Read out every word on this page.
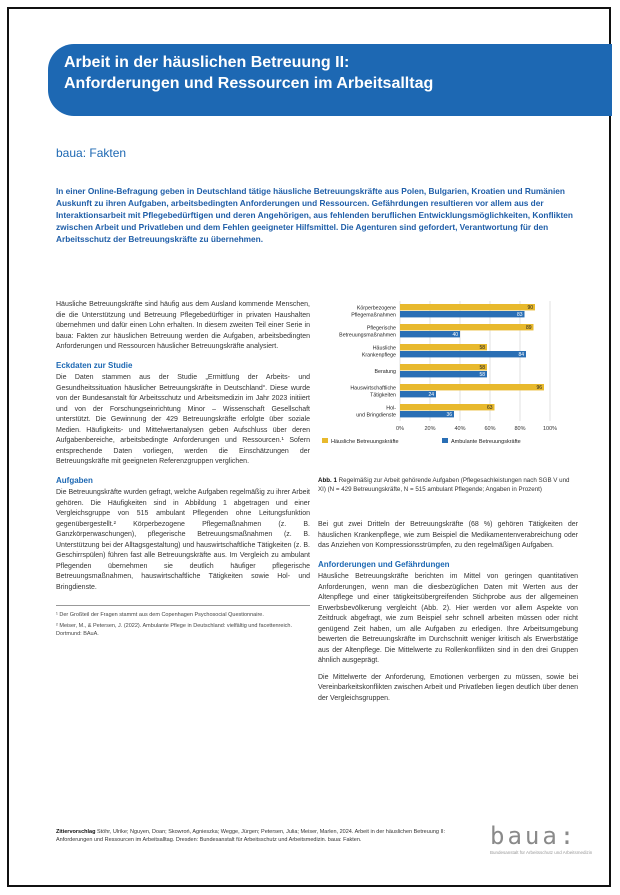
Arbeit in der häuslichen Betreuung II:
Anforderungen und Ressourcen im Arbeitsalltag
baua: Fakten
In einer Online-Befragung geben in Deutschland tätige häusliche Betreuungskräfte aus Polen, Bulgarien, Kroatien und Rumänien Auskunft zu ihren Aufgaben, arbeitsbedingten Anforderungen und Ressourcen. Gefährdungen resultieren vor allem aus der Interaktionsarbeit mit Pflegebedürftigen und deren Angehörigen, aus fehlenden beruflichen Entwicklungsmöglichkeiten, Konflikten zwischen Arbeit und Privatleben und dem Fehlen geeigneter Hilfsmittel. Die Agenturen sind gefordert, Verantwortung für den Arbeitsschutz der Betreuungskräfte zu übernehmen.

Häusliche Betreuungskräfte sind häufig aus dem Ausland kommende Menschen, die die Unterstützung und Betreuung Pflegebedürftiger in privaten Haushalten übernehmen und dafür einen Lohn erhalten. In diesem zweiten Teil einer Serie in baua: Fakten zur häuslichen Betreuung werden die Aufgaben, arbeitsbedingten Anforderungen und Ressourcen häuslicher Betreuungskräfte analysiert.

Eckdaten zur Studie

Die Daten stammen aus der Studie „Ermittlung der Arbeits- und Gesundheitssituation häuslicher Betreuungskräfte in Deutschland“. Diese wurde von der Bundesanstalt für Arbeitsschutz und Arbeitsmedizin im Jahr 2023 initiiert und von der Forschungseinrichtung Minor – Wissenschaft Gesellschaft unterstützt. Die Gewinnung der 429 Betreuungskräfte erfolgte über soziale Medien. Häufigkeits- und Mittelwertanalysen geben Aufschluss über deren Aufgabenbereiche, arbeitsbedingte Anforderungen und Ressourcen.¹ Sofern entsprechende Daten vorliegen, werden die Einschätzungen der Betreuungskräfte mit geeigneten Referenzgruppen verglichen.

Aufgaben

Die Betreuungskräfte wurden gefragt, welche Aufgaben regelmäßig zu ihrer Arbeit gehören. Die Häufigkeiten sind in Abbildung 1 abgetragen und einer Vergleichsgruppe von 515 ambulant Pflegenden ohne Leitungsfunktion gegenübergestellt.² Körperbezogene Pflegemaßnahmen (z. B. Ganzkörperwaschungen), pflegerische Betreuungsmaßnahmen (z. B. Unterstützung bei der Alltagsgestaltung) und hauswirtschaftliche Tätigkeiten (z. B. Geschirrspülen) führen fast alle Betreuungskräfte aus. Im Vergleich zu ambulant Pflegenden übernehmen sie deutlich häufiger pflegerische Betreuungsmaßnahmen, hauswirtschaftliche Tätigkeiten sowie Hol- und Bringdienste.

¹ Der Großteil der Fragen stammt aus dem Copenhagen Psychosocial Questionnaire.
² Meiser, M., & Petersen, J. (2022). Ambulante Pflege in Deutschland: vielfältig und facettenreich. Dortmund: BAuA.
0%	20%	40%	60%	80%	100%
Körperbezogene
Pflegemaßnahmen
90
83
Pflegerische
Betreuungsmaßnahmen
89
40
Häusliche
Krankenpflege
58
84
Beratung
58
58
Hauswirtschaftliche
Tätigkeiten
96
24
Hol-
und Bringdienste
63
36
Häusliche Betreuungskräfte	Ambulante Betreuungskräfte
Abb. 1 Regelmäßig zur Arbeit gehörende Aufgaben (Pflegesachleistungen nach SGB V und XI) (N = 429 Betreuungskräfte, N = 515 ambulant Pflegende; Angaben in Prozent)

Bei gut zwei Dritteln der Betreuungskräfte (68 %) gehören Tätigkeiten der häuslichen Krankenpflege, wie zum Beispiel die Medikamentenverabreichung oder das Anziehen von Kompressionsstrümpfen, zu den regelmäßigen Aufgaben.

Anforderungen und Gefährdungen

Häusliche Betreuungskräfte berichten im Mittel von geringen quantitativen Anforderungen, wenn man die diesbezüglichen Daten mit Werten aus der Altenpflege und einer tätigkeitsübergreifenden Stichprobe aus der allgemeinen Erwerbsbevölkerung vergleicht (Abb. 2). Hier werden vor allem Aspekte von Zeitdruck abgefragt, wie zum Beispiel sehr schnell arbeiten müssen oder nicht genügend Zeit haben, um alle Aufgaben zu erledigen. Ihre Arbeitsumgebung bewerten die Betreuungskräfte im Durchschnitt weniger kritisch als Erwerbstätige aus der Altenpflege. Die Mittelwerte zu Rollenkonflikten sind in den drei Gruppen ähnlich ausgeprägt.

Die Mittelwerte der Anforderung, Emotionen verbergen zu müssen, sowie bei Vereinbarkeitskonflikten zwischen Arbeit und Privatleben liegen deutlich über denen der Vergleichsgruppen.

Zitiervorschlag Stöhr, Ulrike; Nguyen, Doan; Skowroń, Agnieszka; Wegge, Jürgen; Petersen, Julia; Meiser, Marlen, 2024. Arbeit in der häuslichen Betreuung II: Anforderungen und Ressourcen im Arbeitsalltag. Dresden: Bundesanstalt für Arbeitsschutz und Arbeitsmedizin. baua: Fakten.	baua:
Bundesanstalt für Arbeitsschutz und Arbeitsmedizin
